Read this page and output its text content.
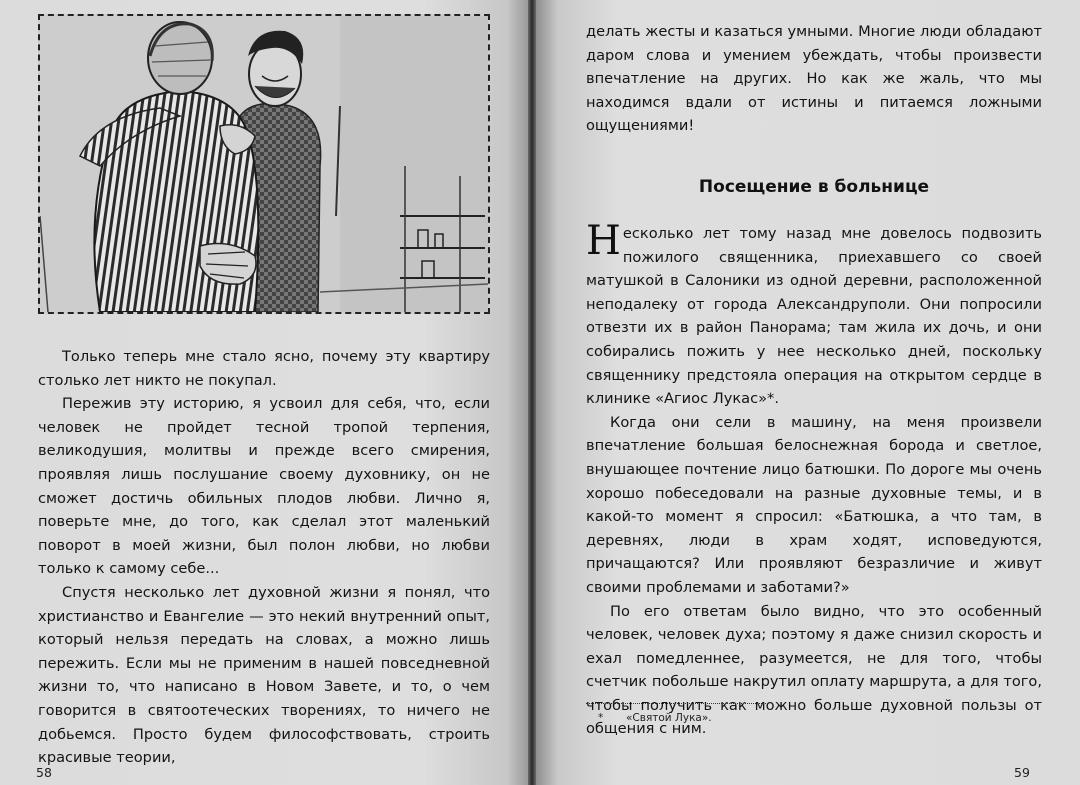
Только теперь мне стало ясно, почему эту квартиру столько лет никто не покупал.

Пережив эту историю, я усвоил для себя, что, если человек не пройдет тесной тропой терпения, великодушия, молитвы и прежде всего смирения, проявляя лишь послушание своему духовнику, он не сможет достичь обильных плодов любви. Лично я, поверьте мне, до того, как сделал этот маленький поворот в моей жизни, был полон любви, но любви только к самому себе...

Спустя несколько лет духовной жизни я понял, что христианство и Евангелие — это некий внутренний опыт, который нельзя передать на словах, а можно лишь пережить. Если мы не применим в нашей повседневной жизни то, что написано в Новом Завете, и то, о чем говорится в святоотеческих творениях, то ничего не добьемся. Просто будем философствовать, строить красивые теории,

58

делать жесты и казаться умными. Многие люди обладают даром слова и умением убеждать, чтобы произвести впечатление на других. Но как же жаль, что мы находимся вдали от истины и питаемся ложными ощущениями!

Посещение в больнице

Несколько лет тому назад мне довелось подвозить пожилого священника, приехавшего со своей матушкой в Салоники из одной деревни, расположенной неподалеку от города Александруполи. Они попросили отвезти их в район Панорама; там жила их дочь, и они собирались пожить у нее несколько дней, поскольку священнику предстояла операция на открытом сердце в клинике «Агиос Лукас»*.

Когда они сели в машину, на меня произвели впечатление большая белоснежная борода и светлое, внушающее почтение лицо батюшки. По дороге мы очень хорошо побеседовали на разные духовные темы, и в какой-то момент я спросил: «Батюшка, а что там, в деревнях, люди в храм ходят, исповедуются, причащаются? Или проявляют безразличие и живут своими проблемами и заботами?»

По его ответам было видно, что это особенный человек, человек духа; поэтому я даже снизил скорость и ехал помедленнее, разумеется, не для того, чтобы счетчик побольше накрутил оплату маршрута, а для того, чтобы получить как можно больше духовной пользы от общения с ним.

* «Святой Лука».
59
